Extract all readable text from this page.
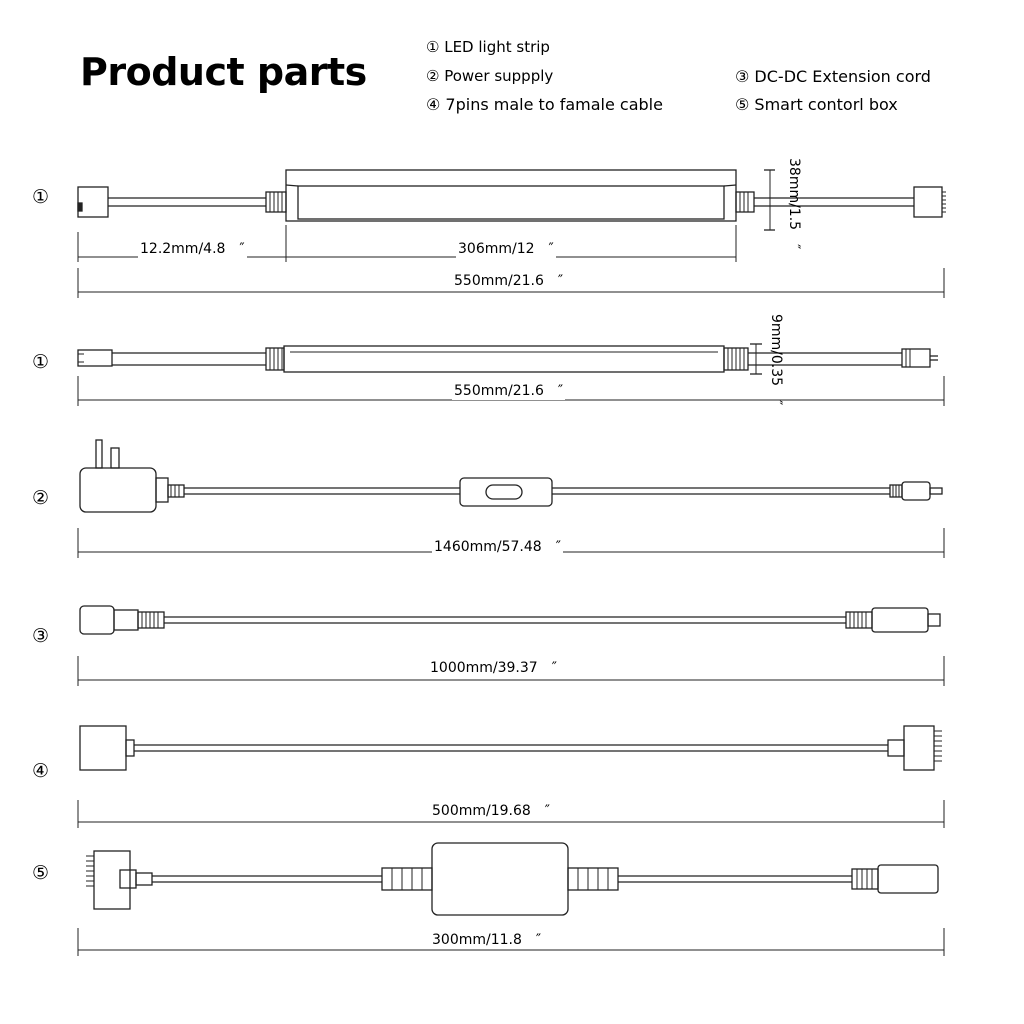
Product parts
① LED light strip
② Power suppply	③ DC-DC Extension cord
④ 7pins male to famale cable	⑤ Smart contorl box
①
①
②
③
④
⑤
12.2mm/4.8　″	306mm/12　″
550mm/21.6　″
38mm/1.5　″
550mm/21.6　″	9mm/0.35　″
1460mm/57.48　″
1000mm/39.37　″
500mm/19.68　″
300mm/11.8　″
